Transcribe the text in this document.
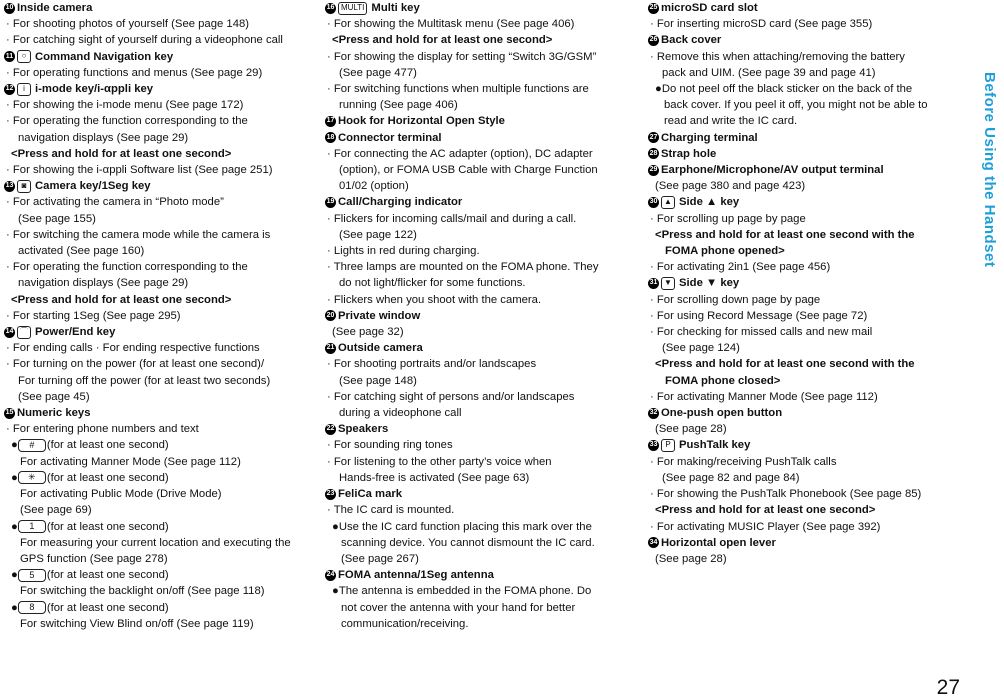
10 Inside camera
· For shooting photos of yourself (See page 148)
· For catching sight of yourself during a videophone call
11	○ Command Navigation key
· For operating functions and menus (See page 29)
12	i i-mode key/i-αppli key
· For showing the i-mode menu (See page 172)
· For operating the function corresponding to the
navigation displays (See page 29)
<Press and hold for at least one second>
· For showing the i-αppli Software list (See page 251)
13	◙ Camera key/1Seg key
· For activating the camera in “Photo mode”
(See page 155)
· For switching the camera mode while the camera is
activated (See page 160)
· For operating the function corresponding to the
navigation displays (See page 29)
<Press and hold for at least one second>
· For starting 1Seg (See page 295)
14 ⌒ Power/End key
· For ending calls · For ending respective functions
· For turning on the power (for at least one second)/
For turning off the power (for at least two seconds)
(See page 45)
15 Numeric keys
· For entering phone numbers and text
● # (for at least one second)
For activating Manner Mode (See page 112)
● ✳ (for at least one second)
For activating Public Mode (Drive Mode)
(See page 69)
● 1 (for at least one second)
For measuring your current location and executing the
GPS function (See page 278)
● 5 (for at least one second)
For switching the backlight on/off (See page 118)
● 8 (for at least one second)
For switching View Blind on/off (See page 119)
16 MULTI Multi key
· For showing the Multitask menu (See page 406)
<Press and hold for at least one second>
· For showing the display for setting “Switch 3G/GSM”
(See page 477)
· For switching functions when multiple functions are
running (See page 406)
17 Hook for Horizontal Open Style
18 Connector terminal
· For connecting the AC adapter (option), DC adapter
(option), or FOMA USB Cable with Charge Function
01/02 (option)
19 Call/Charging indicator
· Flickers for incoming calls/mail and during a call.
(See page 122)
· Lights in red during charging.
· Three lamps are mounted on the FOMA phone. They
do not light/flicker for some functions.
· Flickers when you shoot with the camera.
20 Private window
(See page 32)
21 Outside camera
· For shooting portraits and/or landscapes
(See page 148)
· For catching sight of persons and/or landscapes
during a videophone call
22 Speakers
· For sounding ring tones
· For listening to the other party’s voice when
Hands-free is activated (See page 63)
23 FeliCa mark
· The IC card is mounted.
●Use the IC card function placing this mark over the
scanning device. You cannot dismount the IC card.
(See page 267)
24 FOMA antenna/1Seg antenna
●The antenna is embedded in the FOMA phone. Do
not cover the antenna with your hand for better
communication/receiving.
25 microSD card slot
· For inserting microSD card (See page 355)
26 Back cover
· Remove this when attaching/removing the battery
pack and UIM. (See page 39 and page 41)
●Do not peel off the black sticker on the back of the
back cover. If you peel it off, you might not be able to
read and write the IC card.
27 Charging terminal
28 Strap hole
29 Earphone/Microphone/AV output terminal
(See page 380 and page 423)
30 ▲ Side ▲ key
· For scrolling up page by page
<Press and hold for at least one second with the
FOMA phone opened>
· For activating 2in1 (See page 456)
31 ▼ Side ▼ key
· For scrolling down page by page
· For using Record Message (See page 72)
· For checking for missed calls and new mail
(See page 124)
<Press and hold for at least one second with the
FOMA phone closed>
· For activating Manner Mode (See page 112)
32 One-push open button
(See page 28)
33 P PushTalk key
· For making/receiving PushTalk calls
(See page 82 and page 84)
· For showing the PushTalk Phonebook (See page 85)
<Press and hold for at least one second>
· For activating MUSIC Player (See page 392)
34 Horizontal open lever
(See page 28)
Before Using the Handset
27
